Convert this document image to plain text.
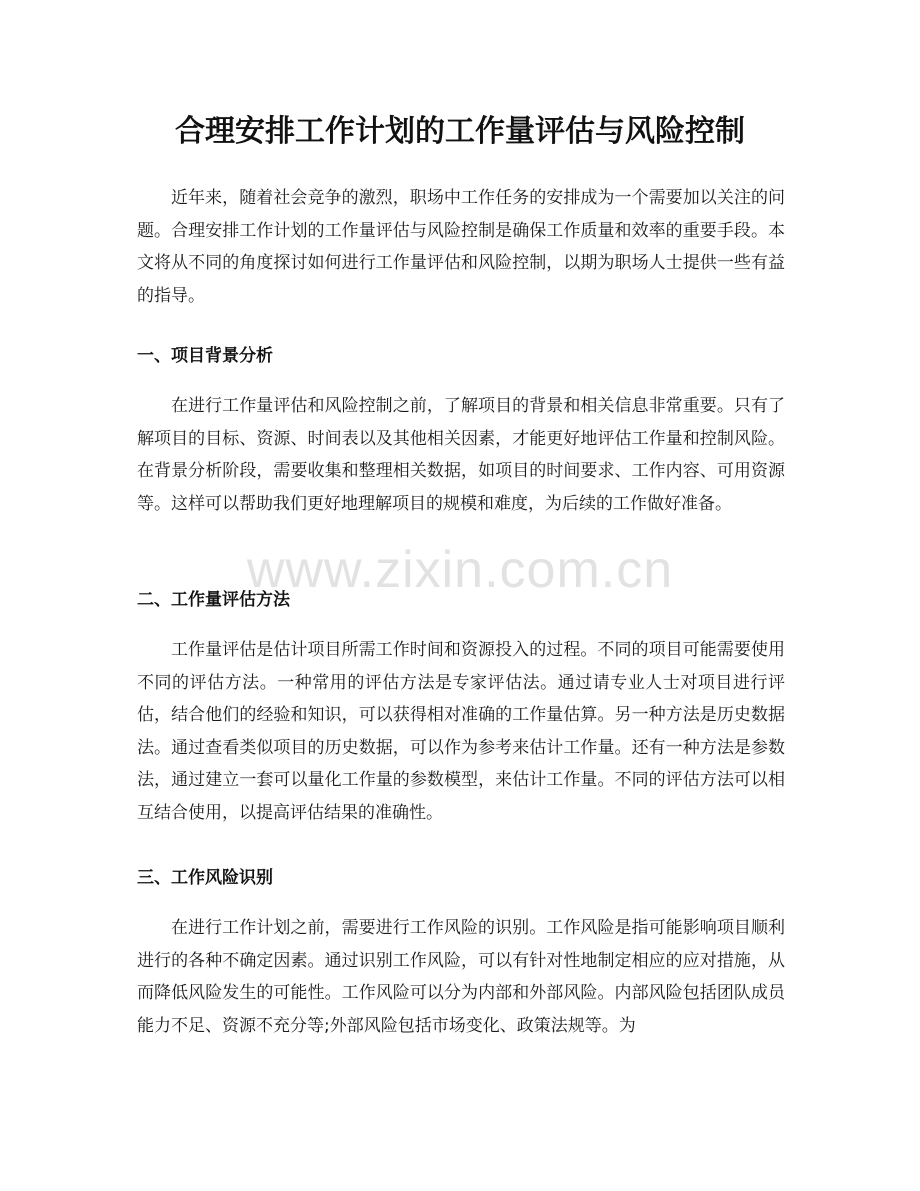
合理安排工作计划的工作量评估与风险控制

近年来，随着社会竞争的激烈，职场中工作任务的安排成为一个需要加以关注的问题。合理安排工作计划的工作量评估与风险控制是确保工作质量和效率的重要手段。本文将从不同的角度探讨如何进行工作量评估和风险控制，以期为职场人士提供一些有益的指导。

一、项目背景分析

在进行工作量评估和风险控制之前，了解项目的背景和相关信息非常重要。只有了解项目的目标、资源、时间表以及其他相关因素，才能更好地评估工作量和控制风险。在背景分析阶段，需要收集和整理相关数据，如项目的时间要求、工作内容、可用资源等。这样可以帮助我们更好地理解项目的规模和难度，为后续的工作做好准备。

二、工作量评估方法

工作量评估是估计项目所需工作时间和资源投入的过程。不同的项目可能需要使用不同的评估方法。一种常用的评估方法是专家评估法。通过请专业人士对项目进行评估，结合他们的经验和知识，可以获得相对准确的工作量估算。另一种方法是历史数据法。通过查看类似项目的历史数据，可以作为参考来估计工作量。还有一种方法是参数法，通过建立一套可以量化工作量的参数模型，来估计工作量。不同的评估方法可以相互结合使用，以提高评估结果的准确性。

三、工作风险识别

在进行工作计划之前，需要进行工作风险的识别。工作风险是指可能影响项目顺利进行的各种不确定因素。通过识别工作风险，可以有针对性地制定相应的应对措施，从而降低风险发生的可能性。工作风险可以分为内部和外部风险。内部风险包括团队成员能力不足、资源不充分等;外部风险包括市场变化、政策法规等。为

www.zixin.com.cn
